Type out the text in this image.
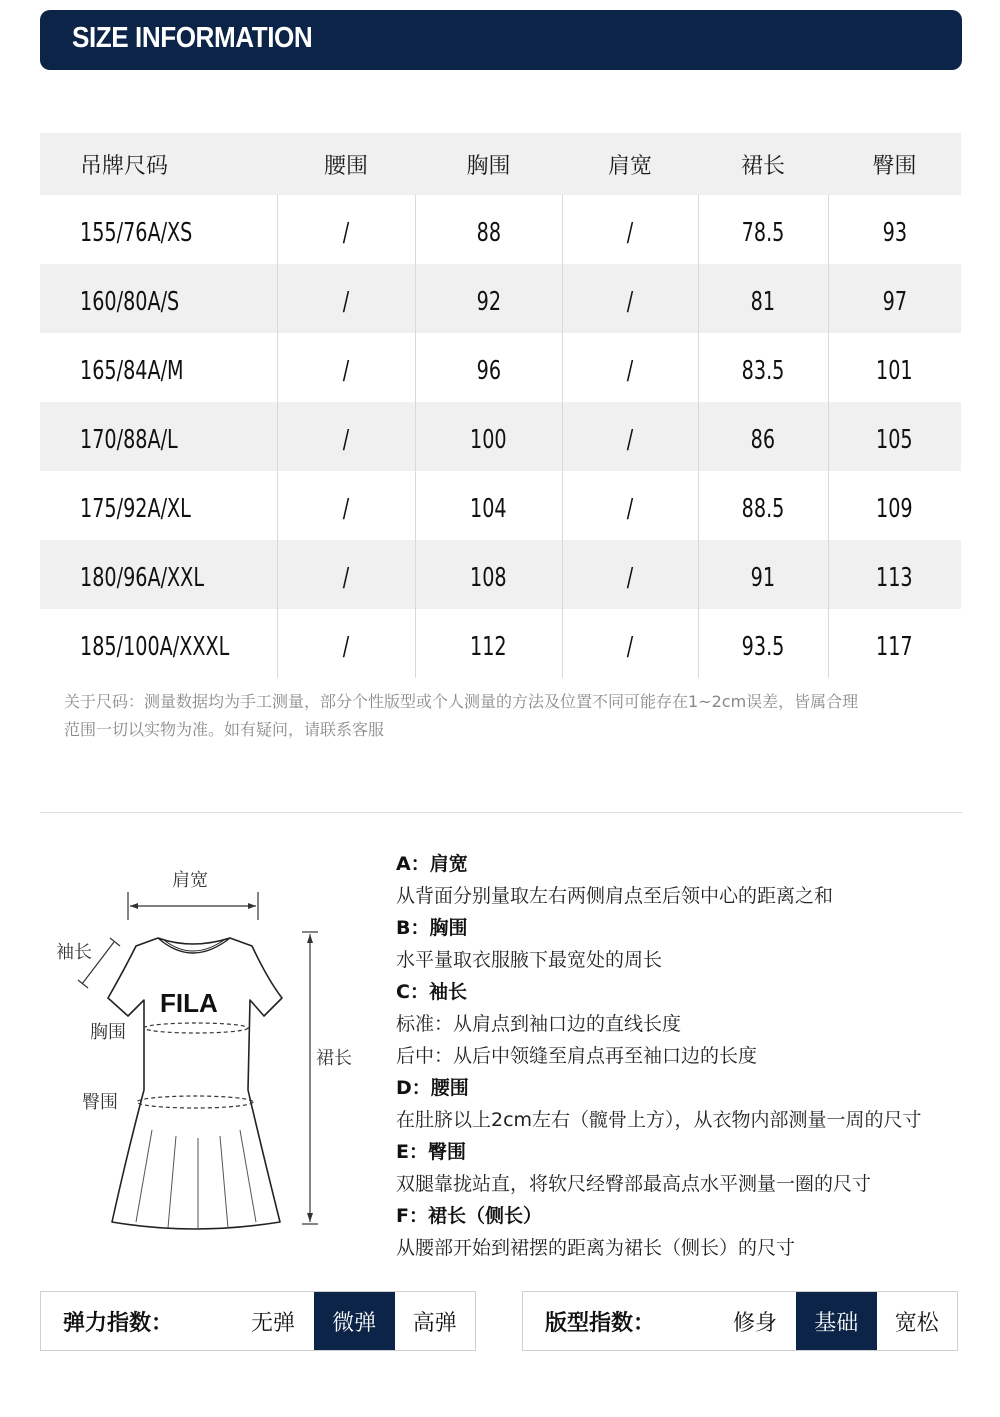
SIZE INFORMATION
吊牌尺码	腰围	胸围	肩宽	裙长	臀围
155/76A/XS	/	88	/	78.5	93
160/80A/S	/	92	/	81	97
165/84A/M	/	96	/	83.5	101
170/88A/L	/	100	/	86	105
175/92A/XL	/	104	/	88.5	109
180/96A/XXL	/	108	/	91	113
185/100A/XXXL	/	112	/	93.5	117
关于尺码：测量数据均为手工测量，部分个性版型或个人测量的方法及位置不同可能存在1~2cm误差，皆属合理
范围一切以实物为准。如有疑问，请联系客服
FILA
肩宽
袖长
胸围
臀围
裙长
A：肩宽
从背面分别量取左右两侧肩点至后领中心的距离之和
B：胸围
水平量取衣服腋下最宽处的周长
C：袖长
标准：从肩点到袖口边的直线长度
后中：从后中领缝至肩点再至袖口边的长度
D：腰围
在肚脐以上2cm左右（髋骨上方），从衣物内部测量一周的尺寸
E：臀围
双腿靠拢站直，将软尺经臀部最高点水平测量一圈的尺寸
F：裙长（侧长）
从腰部开始到裙摆的距离为裙长（侧长）的尺寸
弹力指数：	无弹	微弹	高弹	版型指数：	修身	基础	宽松
